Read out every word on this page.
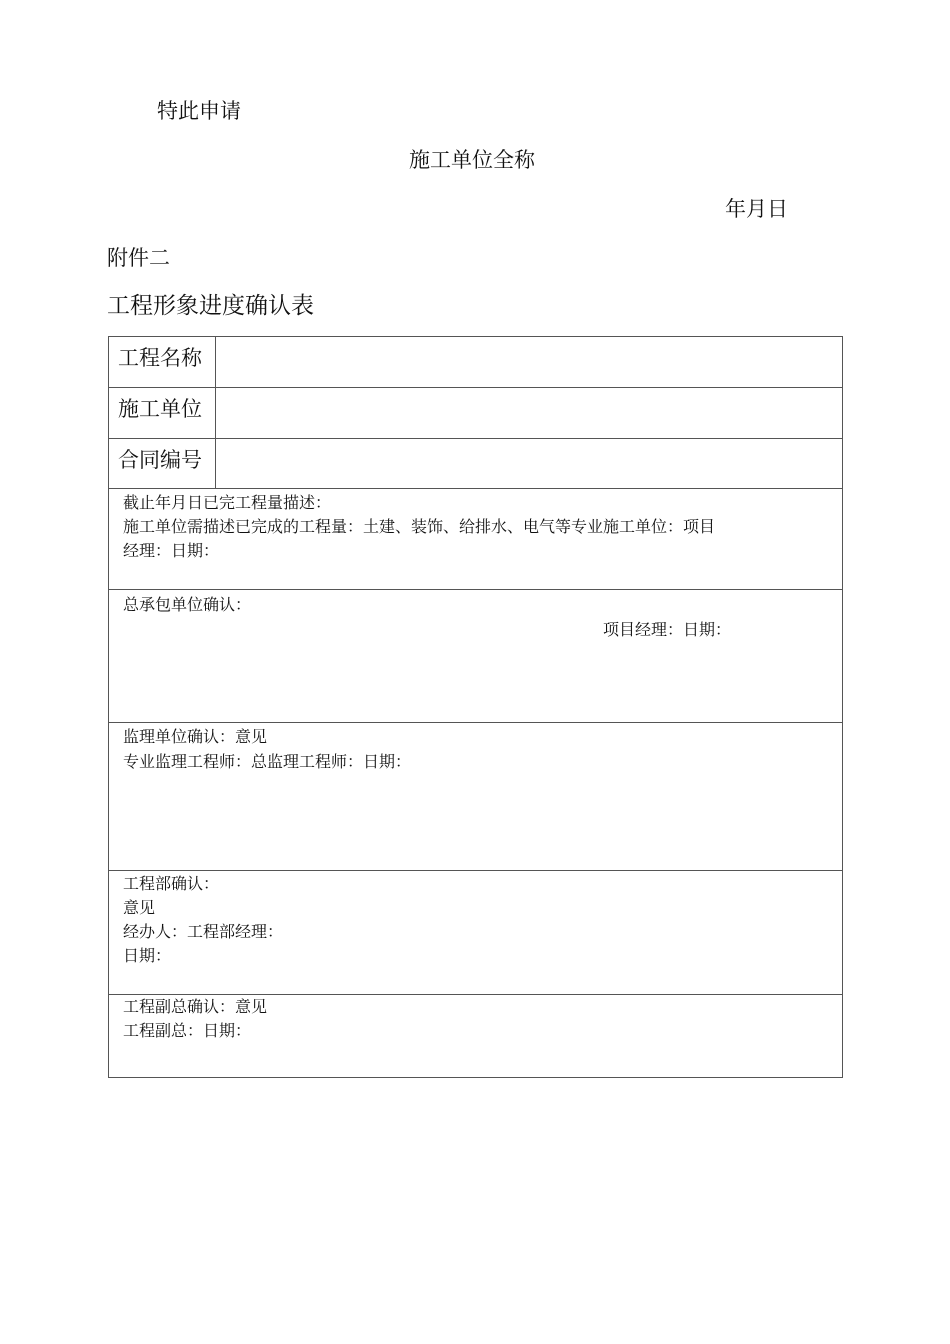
特此申请
施工单位全称
年月日
附件二
工程形象进度确认表
工程名称
施工单位
合同编号
截止年月日已完工程量描述：
施工单位需描述已完成的工程量：土建、装饰、给排水、电气等专业施工单位：项目
经理：日期：
总承包单位确认：
项目经理：日期：
监理单位确认：意见
专业监理工程师：总监理工程师：日期：
工程部确认：
意见
经办人：工程部经理：
日期：
工程副总确认：意见
工程副总：日期：
